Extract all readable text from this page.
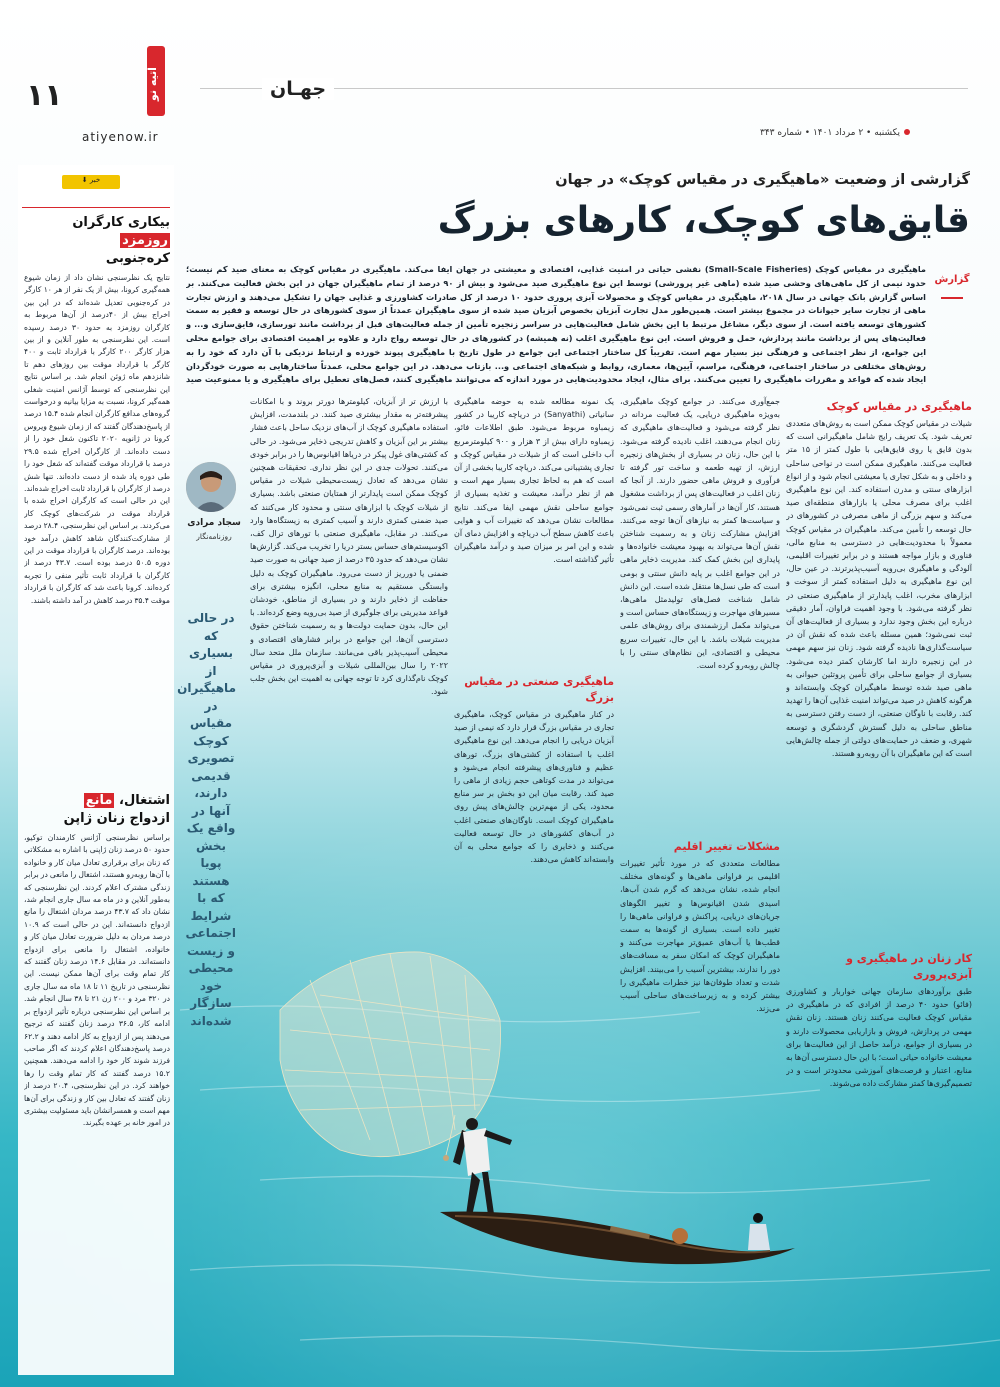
۱۱	آتیه نو	جهـان
atiyenow.ir	یکشنبه • ۲ مرداد ۱۴۰۱ • شماره ۳۴۳
خبر ⬇
بیکاری کارگران روزمزد
کره‌جنوبی
نتایج یک نظرسنجی نشان داد از زمان شیوع همه‌گیری کرونا، بیش از یک نفر از هر ۱۰ کارگر در کره‌جنوبی تعدیل شده‌اند که در این بین اخراج بیش از ۴۰درصد از آن‌ها مربوط به کارگران روزمزد به حدود ۳۰ درصد رسیده است. این نظرسنجی به طور آنلاین و از بین هزار کارگر ۲۰۰ کارگر با قرارداد ثابت و ۴۰۰ کارگر با قرارداد موقت بین روزهای دهم تا شانزدهم ماه ژوئن انجام شد. بر اساس نتایج این نظرسنجی که توسط آژانس امنیت شغلی همه‌گیر کرونا، نسبت به مزایا بیانیه و درخواست گروه‌های مدافع کارگران انجام شده ۱۵.۴ درصد از پاسخ‌دهندگان گفتند که از زمان شیوع ویروس کرونا در ژانویه ۲۰۲۰ تاکنون شغل خود را از دست داده‌اند. از کارگران اخراج شده ۲۹.۵ درصد با قرارداد موقت گفته‌اند که شغل خود را طی دوره یاد شده از دست داده‌اند. تنها شش درصد از کارگران با قرارداد ثابت اخراج شده‌اند. این در حالی است که کارگران اخراج شده با قرارداد موقت در شرکت‌های کوچک کار می‌کردند. بر اساس این نظرسنجی، ۲۸.۴ درصد از مشارکت‌کنندگان شاهد کاهش درآمد خود بوده‌اند. درصد کارگران با قرارداد موقت در این دوره ۵۰.۵ درصد بوده است. ۴۳.۷ درصد از کارگران با قرارداد ثابت تأثیر منفی را تجربه کرده‌اند. کرونا باعث شد که کارگران با قرارداد موقت ۳۵.۴ درصد کاهش در آمد داشته باشند.
اشتغال، مانع
ازدواج زنان ژاپن
براساس نظرسنجی آژانس کارمندان توکیو، حدود ۵۰ درصد زنان ژاپنی با اشاره به مشکلاتی که زنان برای برقراری تعادل میان کار و خانواده با آن‌ها روبه‌رو هستند، اشتغال را مانعی در برابر زندگی مشترک اعلام کردند. این نظرسنجی که به‌طور آنلاین و در ماه مه سال جاری انجام شد، نشان داد که ۴۳.۷ درصد مردان اشتغال را مانع ازدواج دانسته‌اند. این در حالی است که ۱۰.۹ درصد مردان به دلیل ضرورت تعادل میان کار و خانواده، اشتغال را مانعی برای ازدواج دانسته‌اند. در مقابل ۱۴.۶ درصد زنان گفتند که کار تمام وقت برای آن‌ها ممکن نیست. این نظرسنجی در تاریخ ۱۱ تا ۱۸ ماه مه سال جاری در ۳۲۰ مرد و ۲۰۰ زن ۲۱ تا ۳۸ سال انجام شد. بر اساس این نظرسنجی درباره تأثیر ازدواج بر ادامه کار، ۳۶.۵ درصد زنان گفتند که ترجیح می‌دهند پس از ازدواج به کار ادامه دهند و ۶۲.۲ درصد پاسخ‌دهندگان اعلام کردند که اگر صاحب فرزند شوند کار خود را ادامه می‌دهند. همچنین ۱۵.۲ درصد گفتند که کار تمام وقت را رها خواهند کرد. در این نظرسنجی، ۲۰.۴ درصد از زنان گفتند که تعادل بین کار و زندگی برای آن‌ها مهم است و همسرانشان باید مسئولیت بیشتری در امور خانه بر عهده بگیرند.
گزارشی از وضعیت «ماهیگیری در مقیاس کوچک» در جهان
قایق‌های کوچک، کارهای بزرگ
گزارش
ماهیگیری در مقیاس کوچک (Small-Scale Fisheries) نقشی حیاتی در امنیت غذایی، اقتصادی و معیشتی در جهان ایفا می‌کند. ماهیگیری در مقیاس کوچک به معنای صید کم نیست؛ حدود نیمی از کل ماهی‌های وحشی صید شده (ماهی غیر پرورشی) توسط این نوع ماهیگیری صید می‌شود و بیش از ۹۰ درصد از تمام ماهیگیران جهان در این بخش فعالیت می‌کنند. بر اساس گزارش بانک جهانی در سال ۲۰۱۸، ماهیگیری در مقیاس کوچک و محصولات آبزی پروری حدود ۱۰ درصد از کل صادرات کشاورزی و غذایی جهان را تشکیل می‌دهند و ارزش تجارت ماهی از تجارت سایر حیوانات در مجموع بیشتر است. همین‌طور مدل تجارت آبزیان بخصوص آبزیان صید شده از سوی ماهیگیران عمدتاً از سوی کشورهای در حال توسعه و فقیر به سمت کشورهای توسعه یافته است. از سوی دیگر، مشاغل مرتبط با این بخش شامل فعالیت‌هایی در سراسر زنجیره تأمین از جمله فعالیت‌های قبل از برداشت مانند تورسازی، قایق‌سازی و... و فعالیت‌های پس از برداشت مانند پردازش، حمل و فروش است. این نوع ماهیگیری اغلب (نه همیشه) در کشورهای در حال توسعه رواج دارد و علاوه بر اهمیت اقتصادی برای جوامع محلی این جوامع، از نظر اجتماعی و فرهنگی نیز بسیار مهم است. تقریباً کل ساختار اجتماعی این جوامع در طول تاریخ با ماهیگیری پیوند خورده و ارتباط نزدیکی با آن دارد که خود را به روش‌های مختلفی در ساختار اجتماعی، فرهنگی، مراسم، آیین‌ها، معماری، روابط و شبکه‌های اجتماعی و... بازتاب می‌دهد. در این جوامع محلی، عمدتاً ساختارهایی به صورت خودگردان ایجاد شده که قواعد و مقررات ماهیگیری را تعیین می‌کنند. برای مثال، ایجاد محدودیت‌هایی در مورد اندازه که می‌توانند ماهیگیری کنند، فصل‌های تعطیل برای ماهیگیری و یا ممنوعیت صید
سجاد مرادی
روزنامه‌نگار
در حالی که بسیاری از ماهیگیران در مقیاس کوچک تصویری قدیمی دارند، آنها در واقع یک بخش پویا هستند که با شرایط اجتماعی و زیست محیطی خود سازگار شده‌اند
ماهیگیری در مقیاس کوچک
شیلات در مقیاس کوچک ممکن است به روش‌های متعددی تعریف شود. یک تعریف رایج شامل ماهیگیرانی است که بدون قایق یا روی قایق‌هایی با طول کمتر از ۱۵ متر فعالیت می‌کنند. ماهیگیری ممکن است در نواحی ساحلی و داخلی و به شکل تجاری یا معیشتی انجام شود و از انواع ابزارهای سنتی و مدرن استفاده کند. این نوع ماهیگیری اغلب برای مصرف محلی یا بازارهای منطقه‌ای صید می‌کند و سهم بزرگی از ماهی مصرفی در کشورهای در حال توسعه را تأمین می‌کند. ماهیگیران در مقیاس کوچک معمولاً با محدودیت‌هایی در دسترسی به منابع مالی، فناوری و بازار مواجه هستند و در برابر تغییرات اقلیمی، آلودگی و ماهیگیری بی‌رویه آسیب‌پذیرترند. در عین حال، این نوع ماهیگیری به دلیل استفاده کمتر از سوخت و ابزارهای مخرب، اغلب پایدارتر از ماهیگیری صنعتی در نظر گرفته می‌شود. با وجود اهمیت فراوان، آمار دقیقی درباره این بخش وجود ندارد و بسیاری از فعالیت‌های آن ثبت نمی‌شود؛ همین مسئله باعث شده که نقش آن در سیاست‌گذاری‌ها نادیده گرفته شود. زنان نیز سهم مهمی در این زنجیره دارند اما کارشان کمتر دیده می‌شود. بسیاری از جوامع ساحلی برای تأمین پروتئین حیوانی به ماهی صید شده توسط ماهیگیران کوچک وابسته‌اند و هرگونه کاهش در صید می‌تواند امنیت غذایی آن‌ها را تهدید کند. رقابت با ناوگان صنعتی، از دست رفتن دسترسی به مناطق ساحلی به دلیل گسترش گردشگری و توسعه شهری، و ضعف در حمایت‌های دولتی از جمله چالش‌هایی است که این ماهیگیران با آن روبه‌رو هستند.
کار زنان در ماهیگیری و آبزی‌پروری
طبق برآوردهای سازمان جهانی خواربار و کشاورزی (فائو) حدود ۴۰ درصد از افرادی که در ماهیگیری در مقیاس کوچک فعالیت می‌کنند زنان هستند. زنان نقش مهمی در پردازش، فروش و بازاریابی محصولات دارند و در بسیاری از جوامع، درآمد حاصل از این فعالیت‌ها برای معیشت خانواده حیاتی است؛ با این حال دسترسی آن‌ها به منابع، اعتبار و فرصت‌های آموزشی محدودتر است و در تصمیم‌گیری‌ها کمتر مشارکت داده می‌شوند.
جمع‌آوری می‌کنند. در جوامع کوچک ماهیگیری، به‌ویژه ماهیگیری دریایی، یک فعالیت مردانه در نظر گرفته می‌شود و فعالیت‌های ماهیگیری که زنان انجام می‌دهند، اغلب نادیده گرفته می‌شود. با این حال، زنان در بسیاری از بخش‌های زنجیره ارزش، از تهیه طعمه و ساخت تور گرفته تا فرآوری و فروش ماهی حضور دارند. از آنجا که زنان اغلب در فعالیت‌های پس از برداشت مشغول هستند، کار آن‌ها در آمارهای رسمی ثبت نمی‌شود و سیاست‌ها کمتر به نیازهای آن‌ها توجه می‌کنند. افزایش مشارکت زنان و به رسمیت شناختن نقش آن‌ها می‌تواند به بهبود معیشت خانواده‌ها و پایداری این بخش کمک کند. مدیریت ذخایر ماهی در این جوامع اغلب بر پایه دانش سنتی و بومی است که طی نسل‌ها منتقل شده است. این دانش شامل شناخت فصل‌های تولیدمثل ماهی‌ها، مسیرهای مهاجرت و زیستگاه‌های حساس است و می‌تواند مکمل ارزشمندی برای روش‌های علمی مدیریت شیلات باشد. با این حال، تغییرات سریع محیطی و اقتصادی، این نظام‌های سنتی را با چالش روبه‌رو کرده است.
مشکلات تغییر اقلیم
مطالعات متعددی که در مورد تأثیر تغییرات اقلیمی بر فراوانی ماهی‌ها و گونه‌های مختلف انجام شده، نشان می‌دهد که گرم شدن آب‌ها، اسیدی شدن اقیانوس‌ها و تغییر الگوهای جریان‌های دریایی، پراکنش و فراوانی ماهی‌ها را تغییر داده است. بسیاری از گونه‌ها به سمت قطب‌ها یا آب‌های عمیق‌تر مهاجرت می‌کنند و ماهیگیران کوچک که امکان سفر به مسافت‌های دور را ندارند، بیشترین آسیب را می‌بینند. افزایش شدت و تعداد طوفان‌ها نیز خطرات ماهیگیری را بیشتر کرده و به زیرساخت‌های ساحلی آسیب می‌زند.
یک نمونه مطالعه شده به حوضه ماهیگیری سانیاتی (Sanyathi) در دریاچه کاریبا در کشور زیمباوه مربوط می‌شود. طبق اطلاعات فائو، زیمباوه دارای بیش از ۳ هزار و ۹۰۰ کیلومترمربع آب داخلی است که از شیلات در مقیاس کوچک و تجاری پشتیبانی می‌کند. دریاچه کاریبا بخشی از آن است که هم به لحاظ تجاری بسیار مهم است و هم از نظر درآمد، معیشت و تغذیه بسیاری از جوامع ساحلی نقش مهمی ایفا می‌کند. نتایج مطالعات نشان می‌دهد که تغییرات آب و هوایی باعث کاهش سطح آب دریاچه و افزایش دمای آن شده و این امر بر میزان صید و درآمد ماهیگیران تأثیر گذاشته است.
ماهیگیری صنعتی در مقیاس بزرگ
در کنار ماهیگیری در مقیاس کوچک، ماهیگیری تجاری در مقیاس بزرگ قرار دارد که نیمی از صید آبزیان دریایی را انجام می‌دهد. این نوع ماهیگیری اغلب با استفاده از کشتی‌های بزرگ، تورهای عظیم و فناوری‌های پیشرفته انجام می‌شود و می‌تواند در مدت کوتاهی حجم زیادی از ماهی را صید کند. رقابت میان این دو بخش بر سر منابع محدود، یکی از مهم‌ترین چالش‌های پیش روی ماهیگیران کوچک است. ناوگان‌های صنعتی اغلب در آب‌های کشورهای در حال توسعه فعالیت می‌کنند و ذخایری را که جوامع محلی به آن وابسته‌اند کاهش می‌دهند.
با ارزش تر از آبزیان، کیلومترها دورتر بروند و با امکانات پیشرفته‌تر به مقدار بیشتری صید کنند. در بلندمدت، افزایش استفاده ماهیگیری کوچک از آب‌های نزدیک ساحل باعث فشار بیشتر بر این آبزیان و کاهش تدریجی ذخایر می‌شود. در حالی که کشتی‌های غول پیکر در دریاها اقیانوس‌ها را در برابر خودی می‌کنند. تحولات جدی در این نظر نداری. تحقیقات همچنین نشان می‌دهد که تعادل زیست‌محیطی شیلات در مقیاس کوچک ممکن است پایدارتر از همتایان صنعتی باشد. بسیاری از شیلات کوچک با ابزارهای سنتی و محدود کار می‌کنند که صید ضمنی کمتری دارند و آسیب کمتری به زیستگاه‌ها وارد می‌کنند. در مقابل، ماهیگیری صنعتی با تورهای ترال کف، اکوسیستم‌های حساس بستر دریا را تخریب می‌کند. گزارش‌ها نشان می‌دهد که حدود ۳۵ درصد از صید جهانی به صورت صید ضمنی یا دورریز از دست می‌رود. ماهیگیران کوچک به دلیل وابستگی مستقیم به منابع محلی، انگیزه بیشتری برای حفاظت از ذخایر دارند و در بسیاری از مناطق، خودشان قواعد مدیریتی برای جلوگیری از صید بی‌رویه وضع کرده‌اند. با این حال، بدون حمایت دولت‌ها و به رسمیت شناختن حقوق دسترسی آن‌ها، این جوامع در برابر فشارهای اقتصادی و محیطی آسیب‌پذیر باقی می‌مانند. سازمان ملل متحد سال ۲۰۲۲ را سال بین‌المللی شیلات و آبزی‌پروری در مقیاس کوچک نام‌گذاری کرد تا توجه جهانی به اهمیت این بخش جلب شود.
